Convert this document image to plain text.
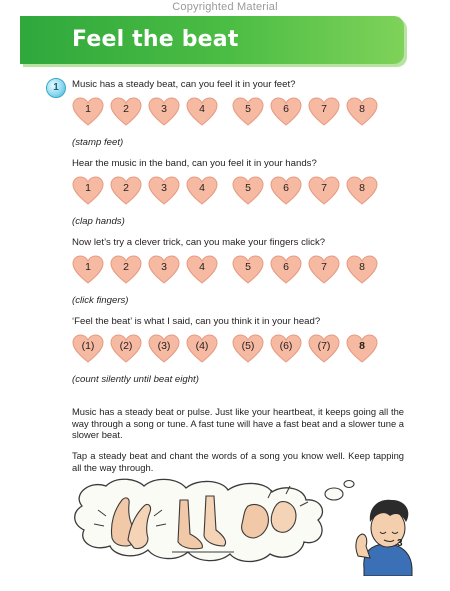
Copyrighted Material
Feel the beat
1	Music has a steady beat, can you feel it in your feet?
1	2	3	4	5	6	7	8
(stamp feet)
Hear the music in the band, can you feel it in your hands?
1	2	3	4	5	6	7	8
(clap hands)
Now let’s try a clever trick, can you make your fingers click?
1	2	3	4	5	6	7	8
(click fingers)
‘Feel the beat’ is what I said, can you think it in your head?
(1)	(2)	(3)	(4)	(5)	(6)	(7)	8
(count silently until beat eight)
Music has a steady beat or pulse. Just like your heartbeat, it keeps going all the way through a song or tune. A fast tune will have a fast beat and a slower tune a slower beat.
Tap a steady beat and chant the words of a song you know well. Keep tapping all the way through.
3
